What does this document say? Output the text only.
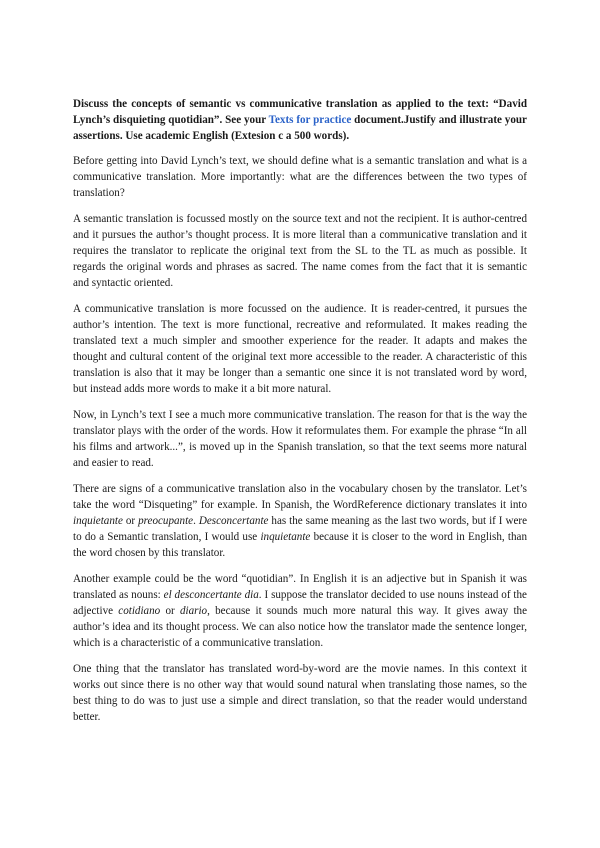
Discuss the concepts of semantic vs communicative translation as applied to the text: “David Lynch’s disquieting quotidian”. See your Texts for practice document.Justify and illustrate your assertions. Use academic English (Extesion c a 500 words).

Before getting into David Lynch’s text, we should define what is a semantic translation and what is a communicative translation. More importantly: what are the differences between the two types of translation?

A semantic translation is focussed mostly on the source text and not the recipient. It is author-centred and it pursues the author’s thought process. It is more literal than a communicative translation and it requires the translator to replicate the original text from the SL to the TL as much as possible. It regards the original words and phrases as sacred. The name comes from the fact that it is semantic and syntactic oriented.

A communicative translation is more focussed on the audience. It is reader-centred, it pursues the author’s intention. The text is more functional, recreative and reformulated. It makes reading the translated text a much simpler and smoother experience for the reader. It adapts and makes the thought and cultural content of the original text more accessible to the reader. A characteristic of this translation is also that it may be longer than a semantic one since it is not translated word by word, but instead adds more words to make it a bit more natural.

Now, in Lynch’s text I see a much more communicative translation. The reason for that is the way the translator plays with the order of the words. How it reformulates them. For example the phrase “In all his films and artwork...”, is moved up in the Spanish translation, so that the text seems more natural and easier to read.

There are signs of a communicative translation also in the vocabulary chosen by the translator. Let’s take the word “Disqueting” for example. In Spanish, the WordReference dictionary translates it into inquietante or preocupante. Desconcertante has the same meaning as the last two words, but if I were to do a Semantic translation, I would use inquietante because it is closer to the word in English, than the word chosen by this translator.

Another example could be the word “quotidian”. In English it is an adjective but in Spanish it was translated as nouns: el desconcertante dia. I suppose the translator decided to use nouns instead of the adjective cotidiano or diario, because it sounds much more natural this way. It gives away the author’s idea and its thought process. We can also notice how the translator made the sentence longer, which is a characteristic of a communicative translation.

One thing that the translator has translated word-by-word are the movie names. In this context it works out since there is no other way that would sound natural when translating those names, so the best thing to do was to just use a simple and direct translation, so that the reader would understand better.
